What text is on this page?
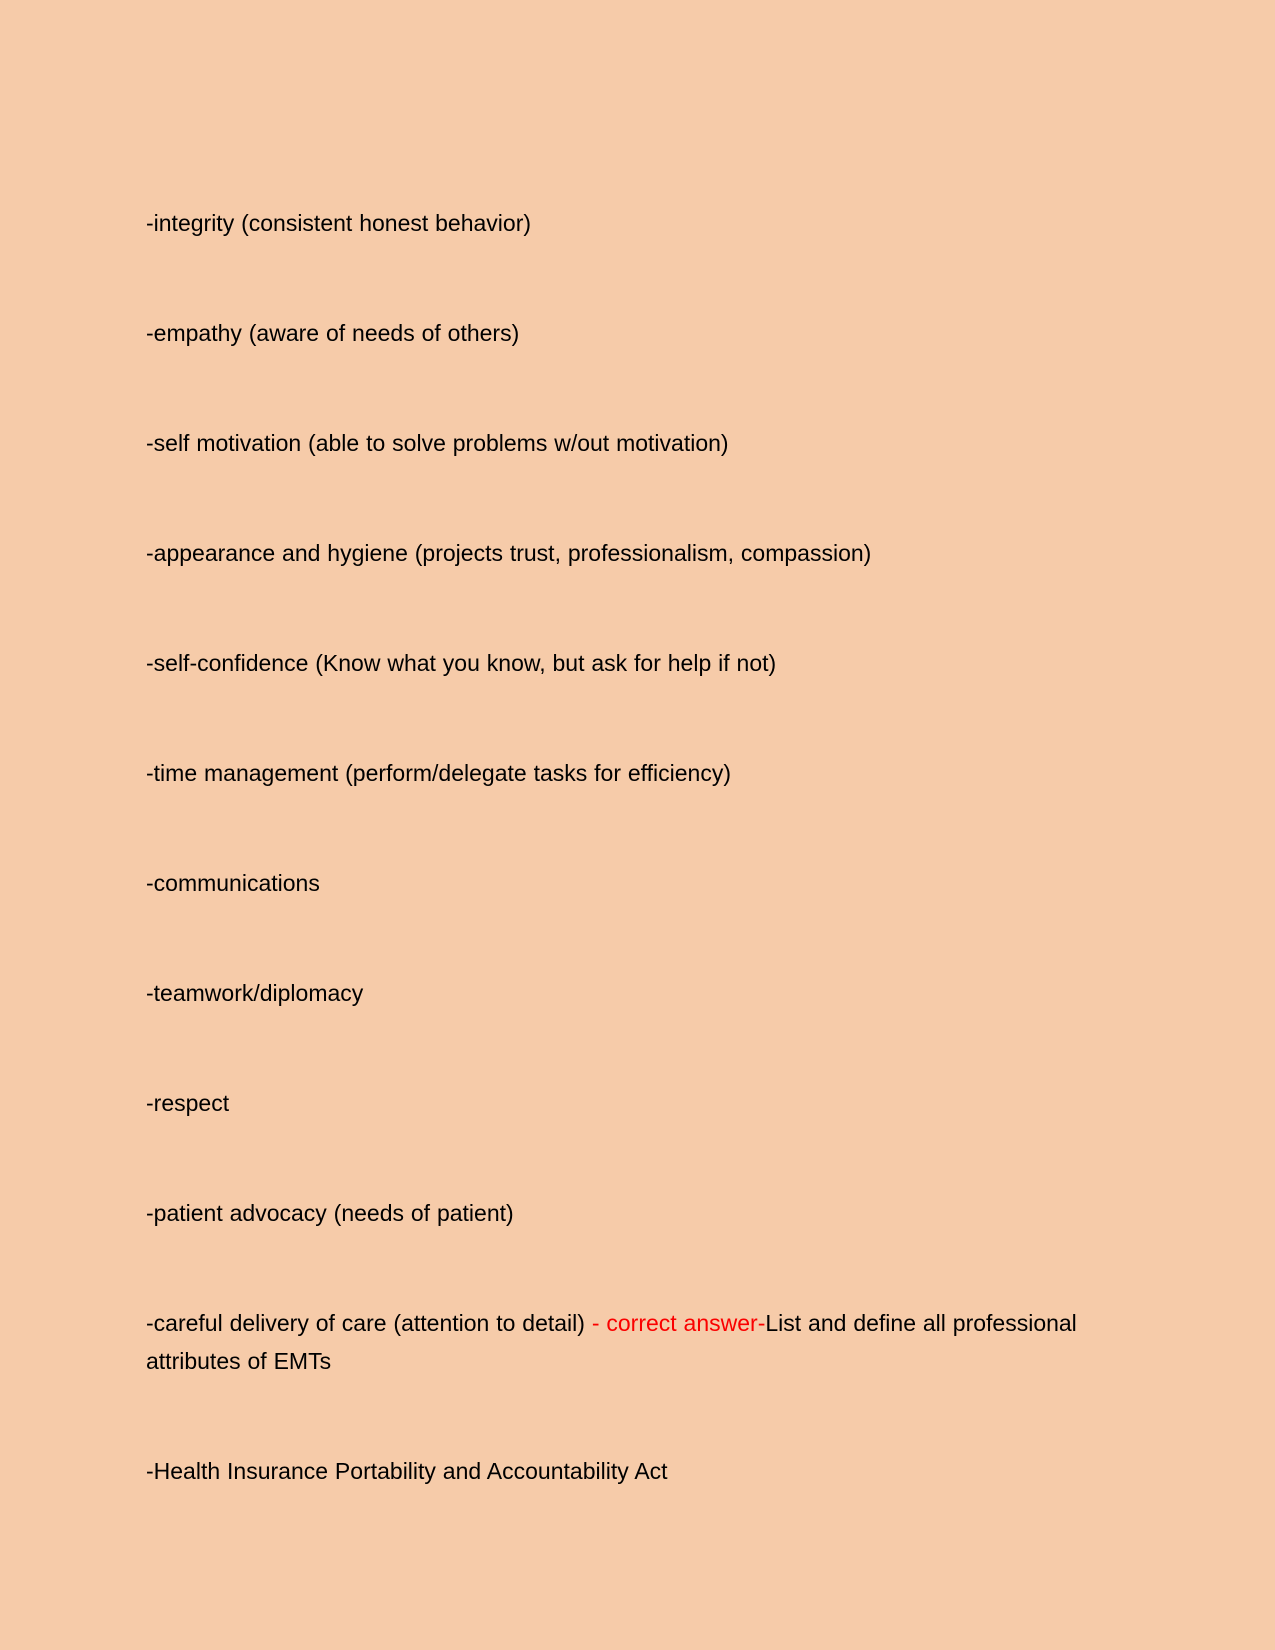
-integrity (consistent honest behavior)

-empathy (aware of needs of others)

-self motivation (able to solve problems w/out motivation)

-appearance and hygiene (projects trust, professionalism, compassion)

-self-confidence (Know what you know, but ask for help if not)

-time management (perform/delegate tasks for efficiency)

-communications

-teamwork/diplomacy

-respect

-patient advocacy (needs of patient)

-careful delivery of care (attention to detail) - correct answer-List and define all professional attributes of EMTs

-Health Insurance Portability and Accountability Act
